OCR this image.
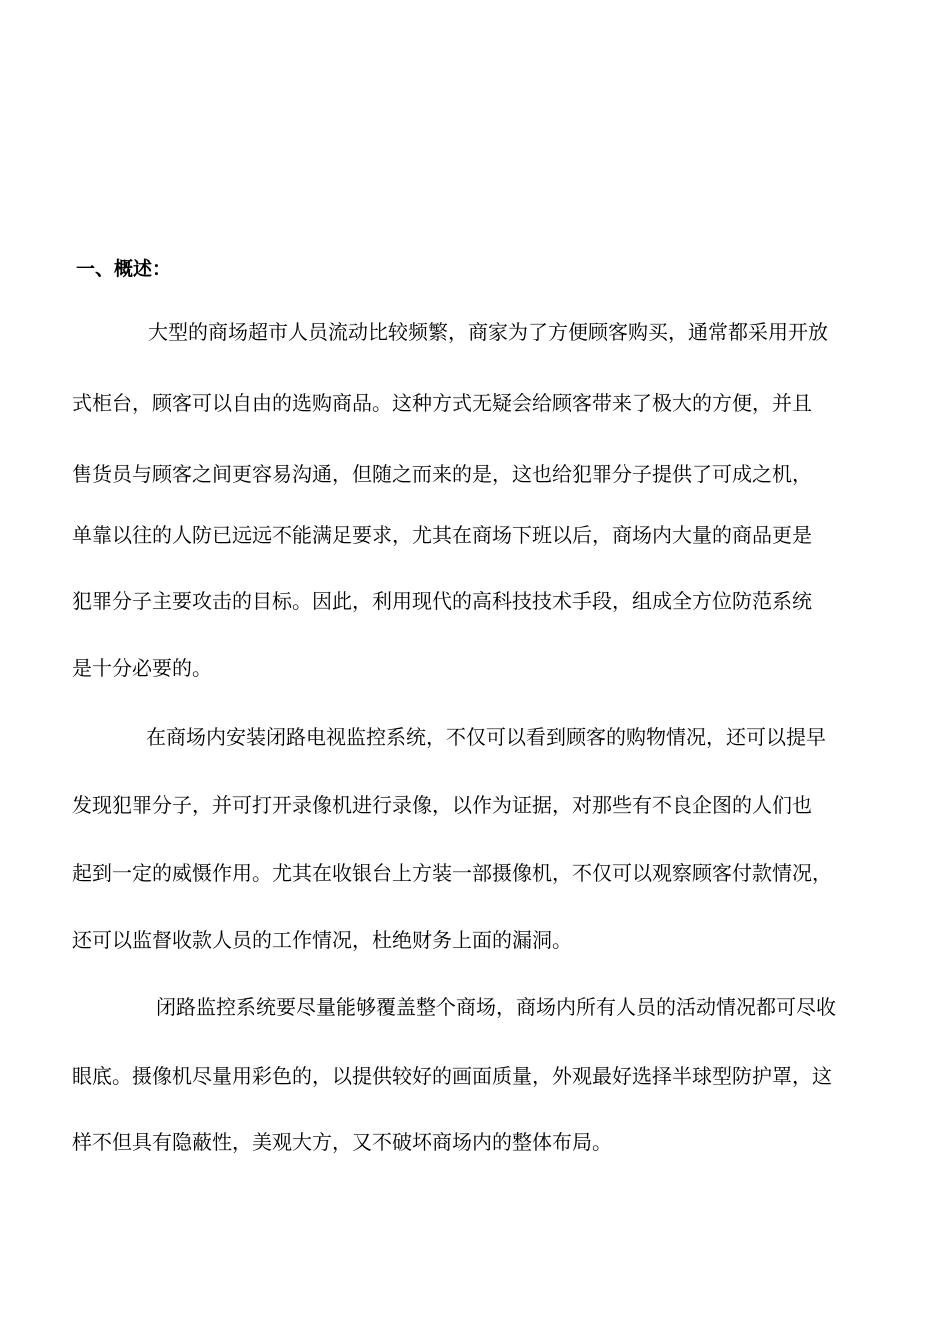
一、概述：
大型的商场超市人员流动比较频繁，商家为了方便顾客购买，通常都采用开放
式柜台，顾客可以自由的选购商品。这种方式无疑会给顾客带来了极大的方便，并且
售货员与顾客之间更容易沟通，但随之而来的是，这也给犯罪分子提供了可成之机，
单靠以往的人防已远远不能满足要求，尤其在商场下班以后，商场内大量的商品更是
犯罪分子主要攻击的目标。因此，利用现代的高科技技术手段，组成全方位防范系统
是十分必要的。
在商场内安装闭路电视监控系统，不仅可以看到顾客的购物情况，还可以提早
发现犯罪分子，并可打开录像机进行录像，以作为证据，对那些有不良企图的人们也
起到一定的威慑作用。尤其在收银台上方装一部摄像机，不仅可以观察顾客付款情况，
还可以监督收款人员的工作情况，杜绝财务上面的漏洞。
闭路监控系统要尽量能够覆盖整个商场，商场内所有人员的活动情况都可尽收
眼底。摄像机尽量用彩色的，以提供较好的画面质量，外观最好选择半球型防护罩，这
样不但具有隐蔽性，美观大方，又不破坏商场内的整体布局。
